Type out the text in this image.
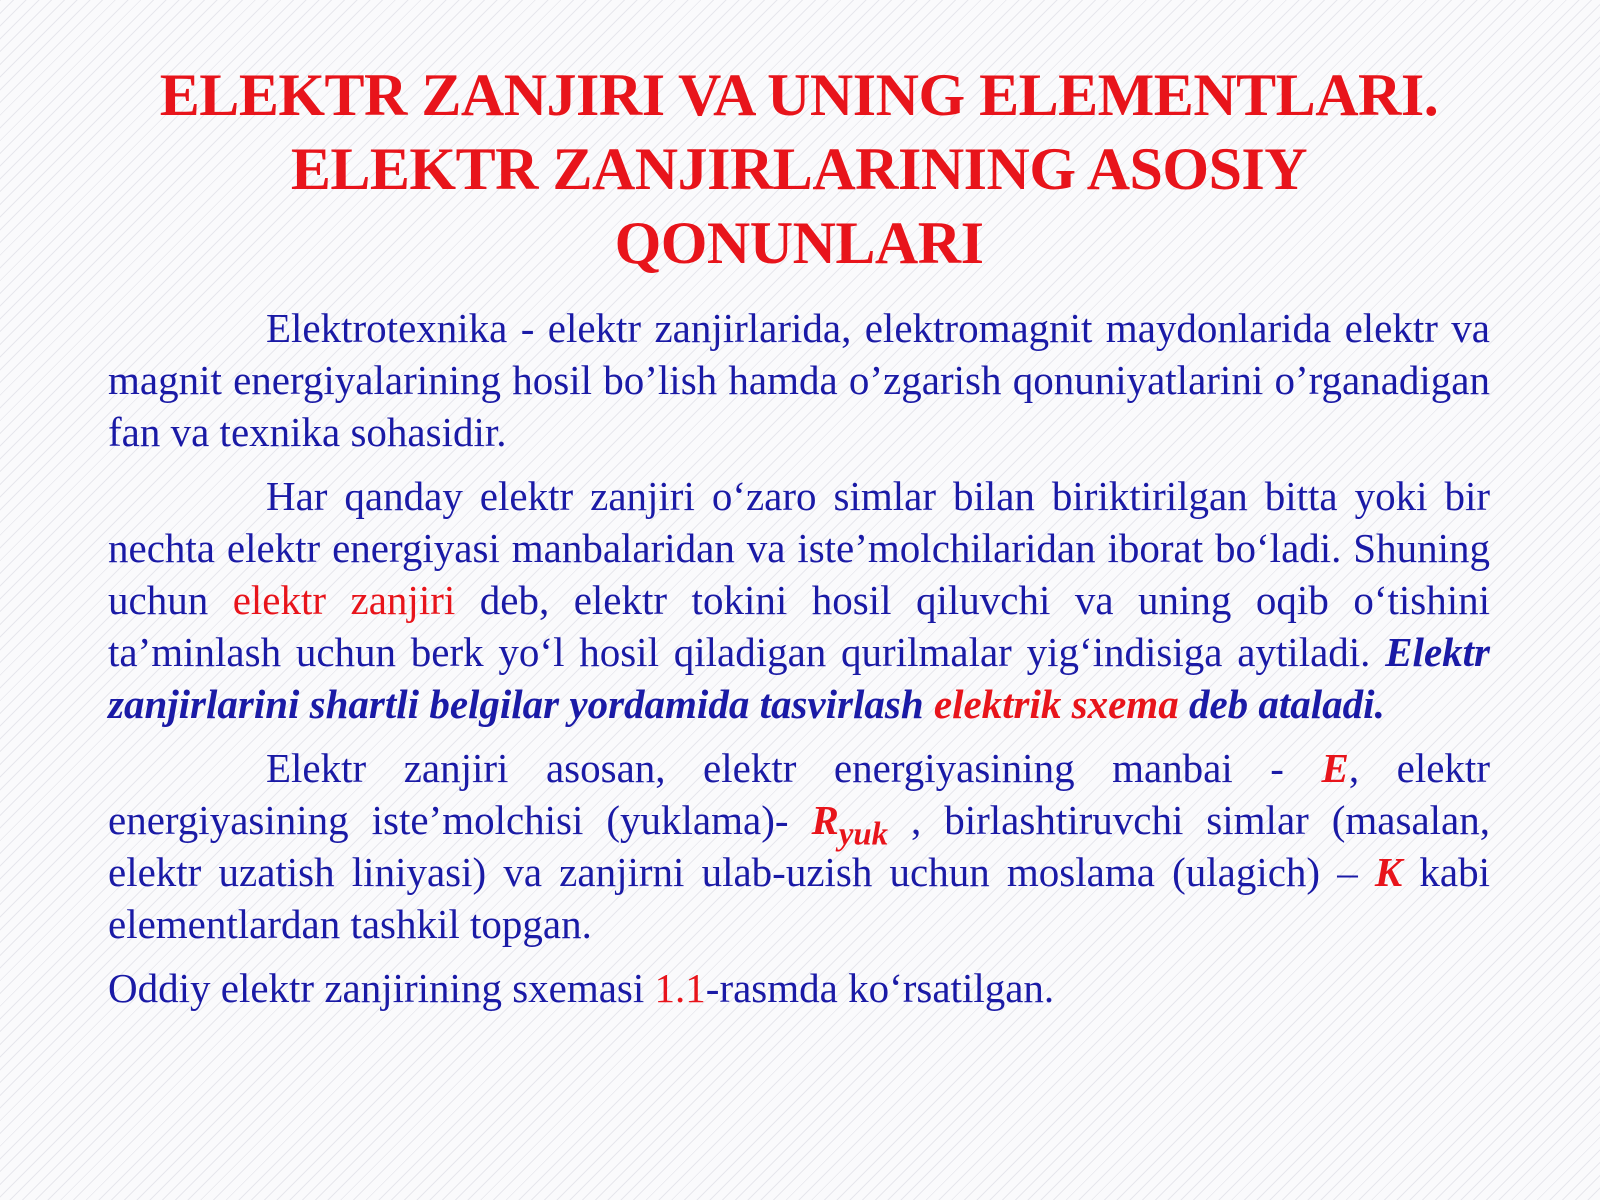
ELEKTR ZANJIRI VA UNING ELEMENTLARI.
ELEKTR ZANJIRLARINING ASOSIY
QONUNLARI

Elektrotexnika - elektr zanjirlarida, elektromagnit maydonlarida elektr va magnit energiyalarining hosil bo’lish hamda o’zgarish qonuniyatlarini o’rganadigan fan va texnika sohasidir.

Har qanday elektr zanjiri o‘zaro simlar bilan biriktirilgan bitta yoki bir nechta elektr energiyasi manbalaridan va iste’molchilaridan iborat bo‘ladi. Shuning uchun elektr zanjiri deb, elektr tokini hosil qiluvchi va uning oqib o‘tishini ta’minlash uchun berk yo‘l hosil qiladigan qurilmalar yig‘indisiga aytiladi. Elektr zanjirlarini shartli belgilar yordamida tasvirlash elektrik sxema deb ataladi.

Elektr zanjiri asosan, elektr energiyasining manbai - E, elektr energiyasining iste’molchisi (yuklama)- $R_{yuk}$ , birlashtiruvchi simlar (masalan, elektr uzatish liniyasi) va zanjirni ulab-uzish uchun moslama (ulagich) – K kabi elementlardan tashkil topgan.

Oddiy elektr zanjirining sxemasi 1.1-rasmda ko‘rsatilgan.
